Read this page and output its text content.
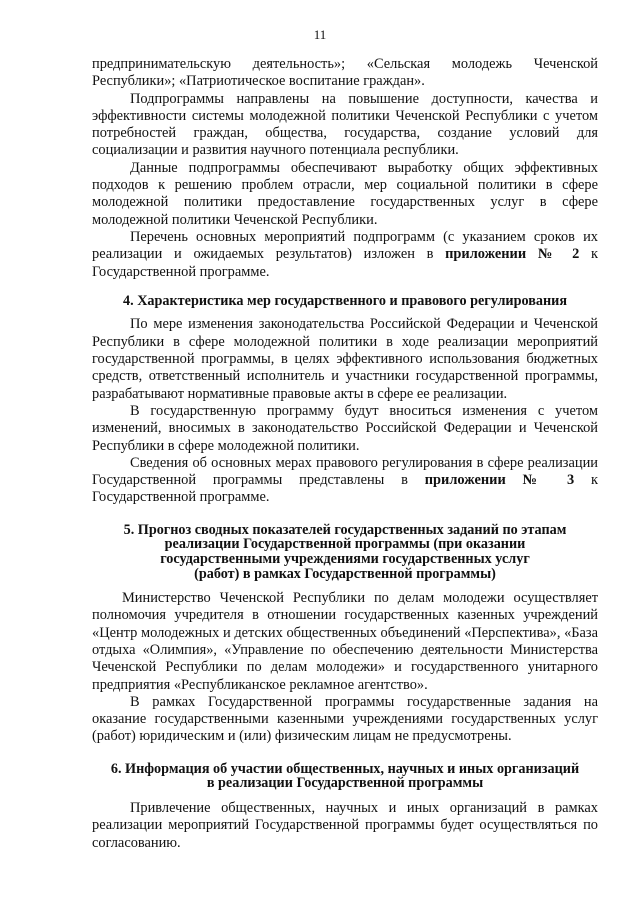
11

предпринимательскую деятельность»; «Сельская молодежь Чеченской Республики»; «Патриотическое воспитание граждан».

Подпрограммы направлены на повышение доступности, качества и эффективности системы молодежной политики Чеченской Республики с учетом потребностей граждан, общества, государства, создание условий для социализации и развития научного потенциала республики.

Данные подпрограммы обеспечивают выработку общих эффективных подходов к решению проблем отрасли, мер социальной политики в сфере молодежной политики предоставление государственных услуг в сфере молодежной политики Чеченской Республики.

Перечень основных мероприятий подпрограмм (с указанием сроков их реализации и ожидаемых результатов) изложен в приложении № 2 к Государственной программе.

4. Характеристика мер государственного и правового регулирования

По мере изменения законодательства Российской Федерации и Чеченской Республики в сфере молодежной политики в ходе реализации мероприятий государственной программы, в целях эффективного использования бюджетных средств, ответственный исполнитель и участники государственной программы, разрабатывают нормативные правовые акты в сфере ее реализации.

В государственную программу будут вноситься изменения с учетом изменений, вносимых в законодательство Российской Федерации и Чеченской Республики в сфере молодежной политики.

Сведения об основных мерах правового регулирования в сфере реализации Государственной программы представлены в приложении № 3 к Государственной программе.

5. Прогноз сводных показателей государственных заданий по этапам
реализации Государственной программы (при оказании
государственными учреждениями государственных услуг
(работ) в рамках Государственной программы)

Министерство Чеченской Республики по делам молодежи осуществляет полномочия учредителя в отношении государственных казенных учреждений «Центр молодежных и детских общественных объединений «Перспектива», «База отдыха «Олимпия», «Управление по обеспечению деятельности Министерства Чеченской Республики по делам молодежи» и государственного унитарного предприятия «Республиканское рекламное агентство».

В рамках Государственной программы государственные задания на оказание государственными казенными учреждениями государственных услуг (работ) юридическим и (или) физическим лицам не предусмотрены.

6. Информация об участии общественных, научных и иных организаций
в реализации Государственной программы

Привлечение общественных, научных и иных организаций в рамках реализации мероприятий Государственной программы будет осуществляться по согласованию.
